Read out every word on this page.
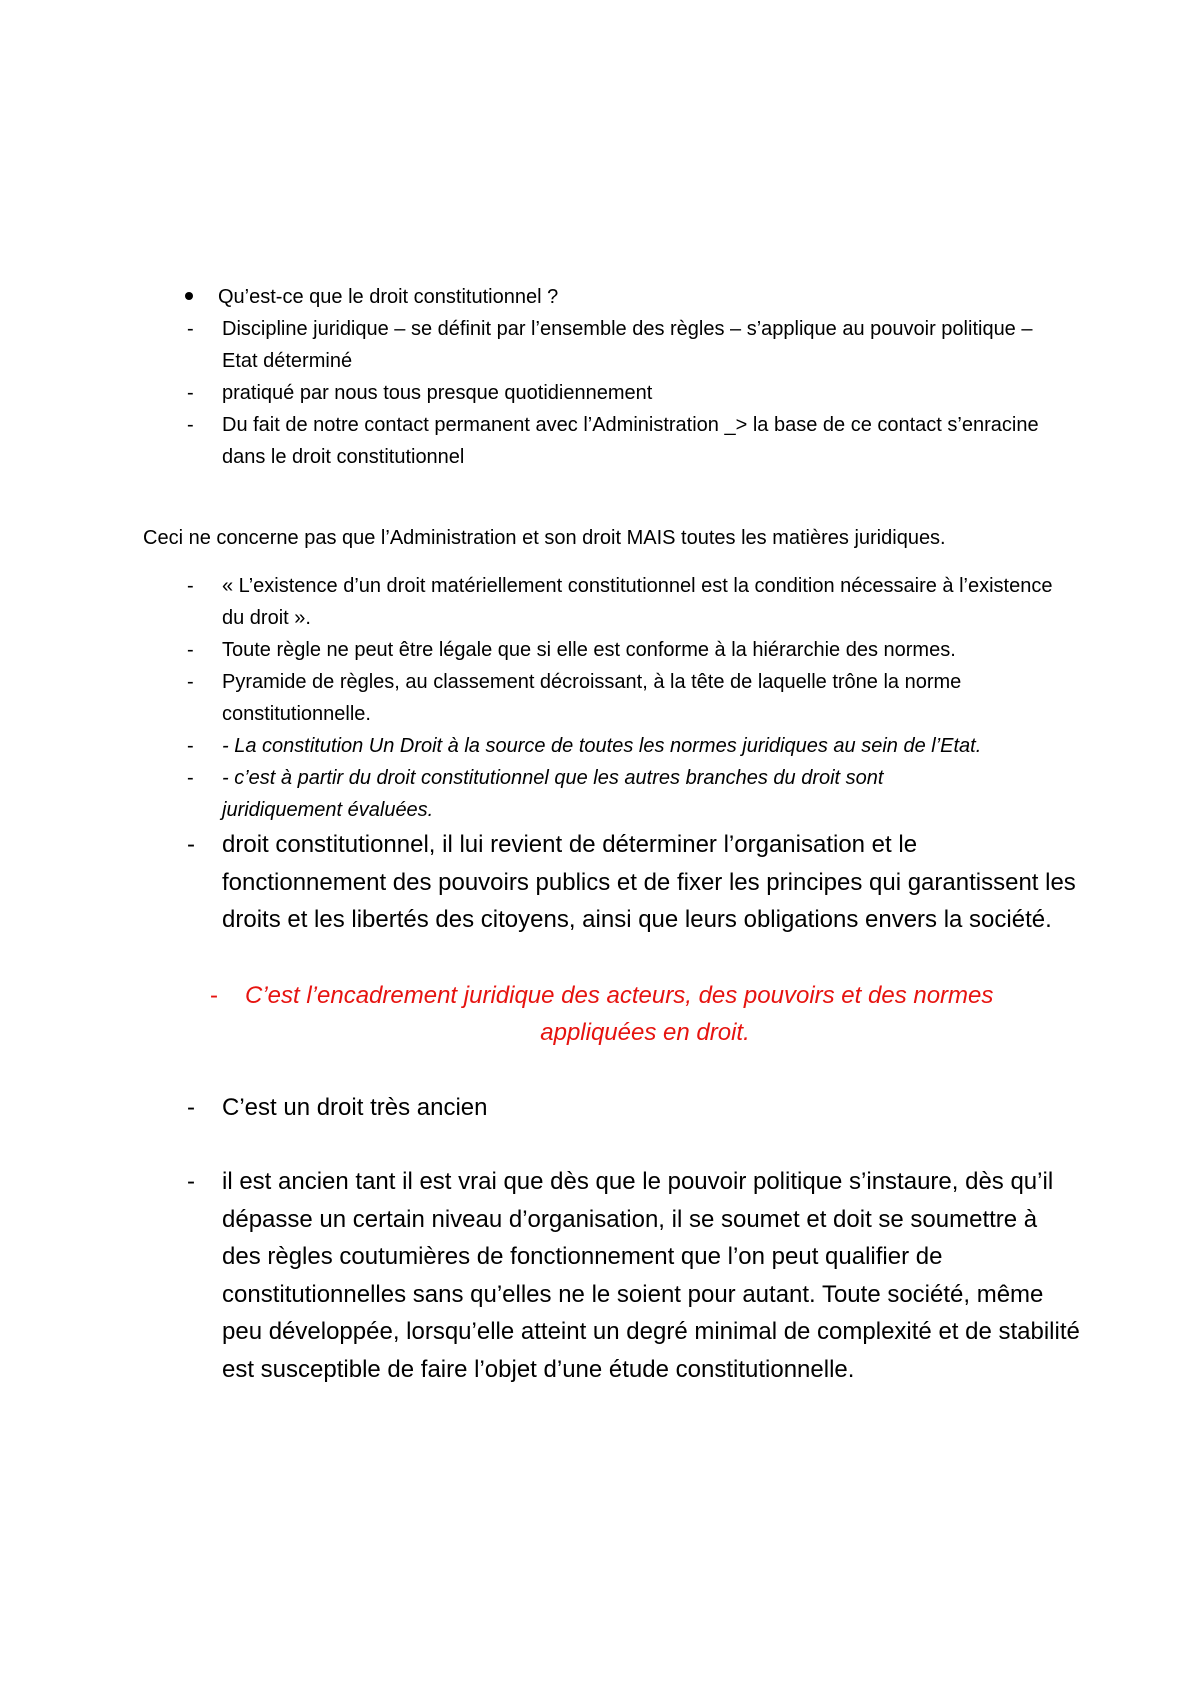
Qu’est-ce que le droit constitutionnel ?

- Discipline juridique – se définit par l’ensemble des règles – s’applique au pouvoir politique – Etat déterminé

- pratiqué par nous tous presque quotidiennement

- Du fait de notre contact permanent avec l’Administration _> la base de ce contact s’enracine dans le droit constitutionnel

Ceci ne concerne pas que l’Administration et son droit MAIS toutes les matières juridiques.

- « L’existence d’un droit matériellement constitutionnel est la condition nécessaire à l’existence du droit ».

- Toute règle ne peut être légale que si elle est conforme à la hiérarchie des normes.

- Pyramide de règles, au classement décroissant, à la tête de laquelle trône la norme constitutionnelle.

- - La constitution Un Droit à la source de toutes les normes juridiques au sein de l’Etat.

- - c’est à partir du droit constitutionnel que les autres branches du droit sont juridiquement évaluées.

- droit constitutionnel, il lui revient de déterminer l’organisation et le fonctionnement des pouvoirs publics et de fixer les principes qui garantissent les droits et les libertés des citoyens, ainsi que leurs obligations envers la société.

- C’est l’encadrement juridique des acteurs, des pouvoirs et des normes

appliquées en droit.

- C’est un droit très ancien

- il est ancien tant il est vrai que dès que le pouvoir politique s’instaure, dès qu’il dépasse un certain niveau d’organisation, il se soumet et doit se soumettre à des règles coutumières de fonctionnement que l’on peut qualifier de constitutionnelles sans qu’elles ne le soient pour autant. Toute société, même peu développée, lorsqu’elle atteint un degré minimal de complexité et de stabilité est susceptible de faire l’objet d’une étude constitutionnelle.
